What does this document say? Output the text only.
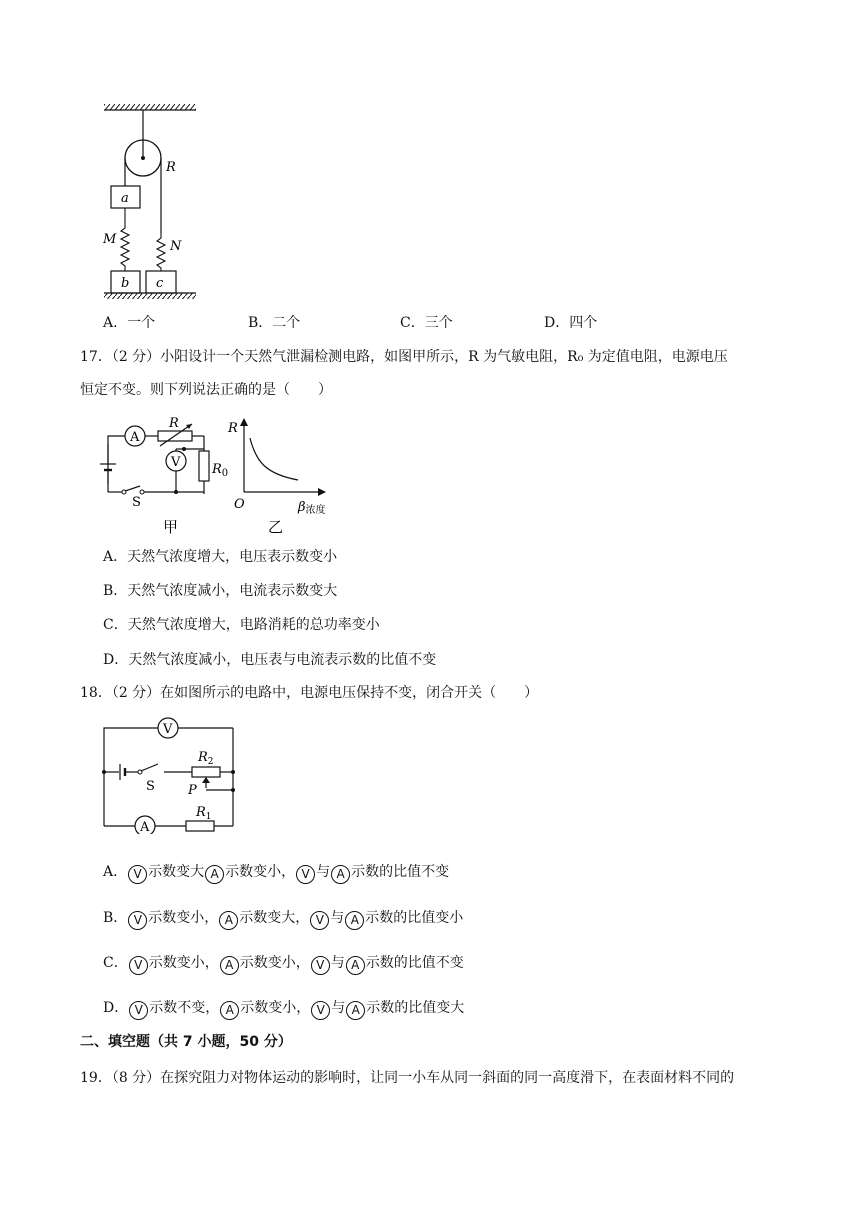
R
a
M	N
b c
A．一个	B．二个	C．三个	D．四个
17．（2 分）小阳设计一个天然气泄漏检测电路，如图甲所示，R 为气敏电阻，R₀ 为定值电阻，电源电压
恒定不变。则下列说法正确的是（　　）
A
R
$R_0$
V
S
甲
R
O	β浓度
乙
A．天然气浓度增大，电压表示数变小
B．天然气浓度减小，电流表示数变大
C．天然气浓度增大，电路消耗的总功率变小
D．天然气浓度减小，电压表与电流表示数的比值不变
18．（2 分）在如图所示的电路中，电源电压保持不变，闭合开关（　　）
V
S
$R_2$
P
A
$R_1$
A． V 示数变大 A 示数变小， V 与 A 示数的比值不变
B． V 示数变小， A 示数变大， V 与 A 示数的比值变小
C． V 示数变小， A 示数变小， V 与 A 示数的比值不变
D． V 示数不变， A 示数变小， V 与 A 示数的比值变大
二、填空题（共 7 小题，50 分）
19．（8 分）在探究阻力对物体运动的影响时，让同一小车从同一斜面的同一高度滑下，在表面材料不同的
